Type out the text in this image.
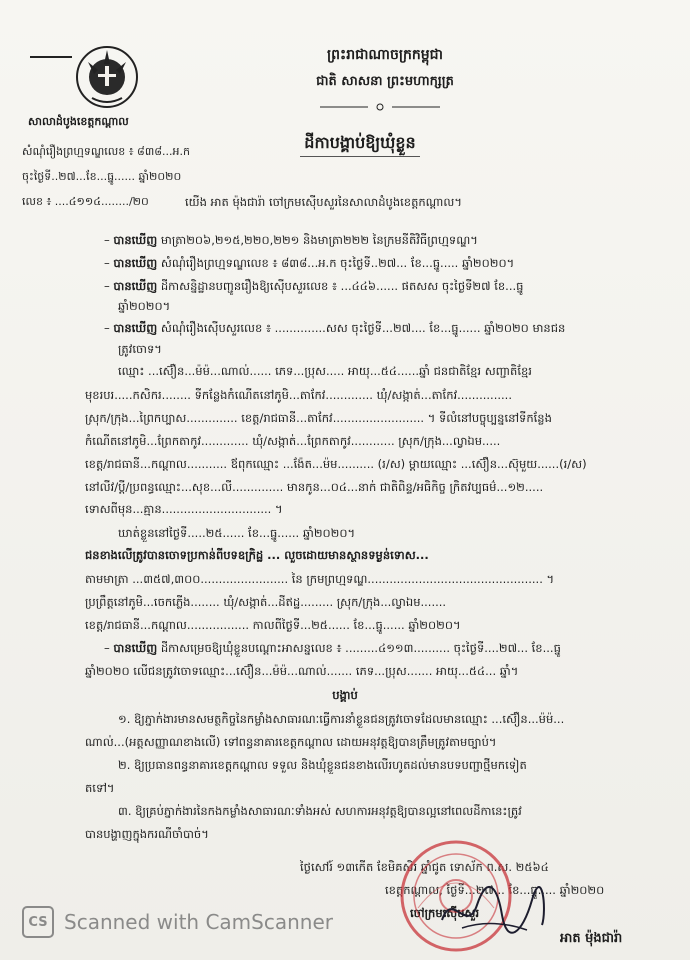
ព្រះរាជាណាចក្រកម្ពុជា
ជាតិ សាសនា ព្រះមហាក្សត្រ
សាលាដំបូងខេត្តកណ្ដាល
សំណុំរឿងព្រហ្មទណ្ឌលេខ ៖ ៨៣៨...អ.ក
ចុះថ្ងៃទី..២៧...ខែ...ធ្នូ...... ឆ្នាំ២០២០
លេខ ៖ ....៤១១៤......../២០
ដីកាបង្គាប់ឱ្យឃុំខ្លួន
យើង អាត ម៉ុងជារ៉ា ចៅក្រមស៊ើបសួរនៃសាលាដំបូងខេត្តកណ្ដាល។
– បានឃើញ មាត្រា២០៦,២១៥,២២០,២២១ និងមាត្រា២២២ នៃក្រមនីតិវិធីព្រហ្មទណ្ឌ។
– បានឃើញ សំណុំរឿងព្រហ្មទណ្ឌលេខ ៖ ៨៣៨...អ.ក ចុះថ្ងៃទី..២៧... ខែ...ធ្នូ..... ឆ្នាំ២០២០។
– បានឃើញ ដីកាសន្និដ្ឋានបញ្ជូនរឿងឱ្យស៊ើបសួរលេខ ៖ ...៤៤៦...... ផតសស ចុះថ្ងៃទី២៧ ខែ...ធ្នូ
ឆ្នាំ២០២០។
– បានឃើញ សំណុំរឿងស៊ើបសួរលេខ ៖ ..............សស ចុះថ្ងៃទី...២៧.... ខែ...ធ្នូ...... ឆ្នាំ២០២០ មានជន
ត្រូវចោទ។
ឈ្មោះ ...ស៊ឿន...ម៉ម៉...ណាល់...... ភេទ...ប្រុស..... អាយុ...៥៤......ឆ្នាំ ជនជាតិខ្មែរ សញ្ជាតិខ្មែរ
មុខរបរ.....កសិករ........ ទីកន្លែងកំណើតនៅភូមិ...តាកែវ............. ឃុំ/សង្កាត់...តាកែវ...............
ស្រុក/ក្រុង...ព្រៃកប្បាស.............. ខេត្ត/រាជធានី...តាកែវ......................... ។ ទីលំនៅបច្ចុប្បន្ននៅទីកន្លែង
កំណើតនៅភូមិ...ព្រែកតាកូវ............. ឃុំ/សង្កាត់...ព្រែកតាកូវ............ ស្រុក/ក្រុង...ល្វាឯម.....
ខេត្ត/រាជធានី...កណ្ដាល........... ឪពុកឈ្មោះ ...ង៉ែត...ម៉ម.......... (រ/ស) ម្ដាយឈ្មោះ ...ស៊ឿន...ស៊ុមួយ......(រ/ស)
នៅលីវ/ប្ដី/ប្រពន្ធឈ្មោះ...សុខ...លី.............. មានកូន...០៤...នាក់ ជាតិពិន្ទ/អធិកិច្ច ក្រិតវប្បធម៌...១២.....
ទោសពីមុន...គ្មាន.............................. ។
ឃាត់ខ្លួននៅថ្ងៃទី.....២៥...... ខែ...ធ្នូ...... ឆ្នាំ២០២០។
ជនខាងលើត្រូវបានចោទប្រកាន់ពីបទឧក្រិដ្ឋ ... លួចដោយមានស្ថានទម្ងន់ទោស...
តាមមាត្រា ...៣៥៧,៣០០........................ នៃ ក្រមព្រហ្មទណ្ឌ................................................ ។
ប្រព្រឹត្តនៅភូមិ...ចេកភ្លើង........ ឃុំ/សង្កាត់...ដីឥដ្ឋ......... ស្រុក/ក្រុង...ល្វាឯម.......
ខេត្ត/រាជធានី...កណ្ដាល................. កាលពីថ្ងៃទី...២៥...... ខែ...ធ្នូ...... ឆ្នាំ២០២០។
– បានឃើញ ដីកាសម្រេចឱ្យឃុំខ្លួនបណ្ដោះអាសន្នលេខ ៖ .........៤១១៣.......... ចុះថ្ងៃទី....២៧... ខែ...ធ្នូ
ឆ្នាំ២០២០ លើជនត្រូវចោទឈ្មោះ...ស៊ឿន...ម៉ម៉...ណាល់....... ភេទ...ប្រុស....... អាយុ...៥៤... ឆ្នាំ។
បង្គាប់
១. ឱ្យភ្នាក់ងារមានសមត្ថកិច្ចនៃកម្លាំងសាធារណៈធ្វើការនាំខ្លួនជនត្រូវចោទដែលមានឈ្មោះ ...ស៊ឿន...ម៉ម៉...
ណាល់...(អត្តសញ្ញាណខាងលើ) ទៅពន្ធនាគារខេត្តកណ្ដាល ដោយអនុវត្តឱ្យបានត្រឹមត្រូវតាមច្បាប់។
២. ឱ្យប្រធានពន្ធនាគារខេត្តកណ្ដាល ទទួល និងឃុំខ្លួនជនខាងលើរហូតដល់មានបទបញ្ជាថ្មីមកទៀត
តទៅ។
៣. ឱ្យគ្រប់ភ្នាក់ងារនៃកងកម្លាំងសាធារណៈទាំងអស់ សហការអនុវត្តឱ្យបានល្អនៅពេលដីកានេះត្រូវ
បានបង្ហាញក្នុងករណីចាំបាច់។
ថ្ងៃសៅរ៍ ១៣កើត ខែមិគសិរ ឆ្នាំជូត ទោស័ក ព.ស. ២៥៦៤
ខេត្តកណ្ដាល, ថ្ងៃទី...២៧... ខែ...ធ្នូ..... ឆ្នាំ២០២០
ចៅក្រមស៊ើបសួរ
អាត ម៉ុងជារ៉ា
CS Scanned with CamScanner
